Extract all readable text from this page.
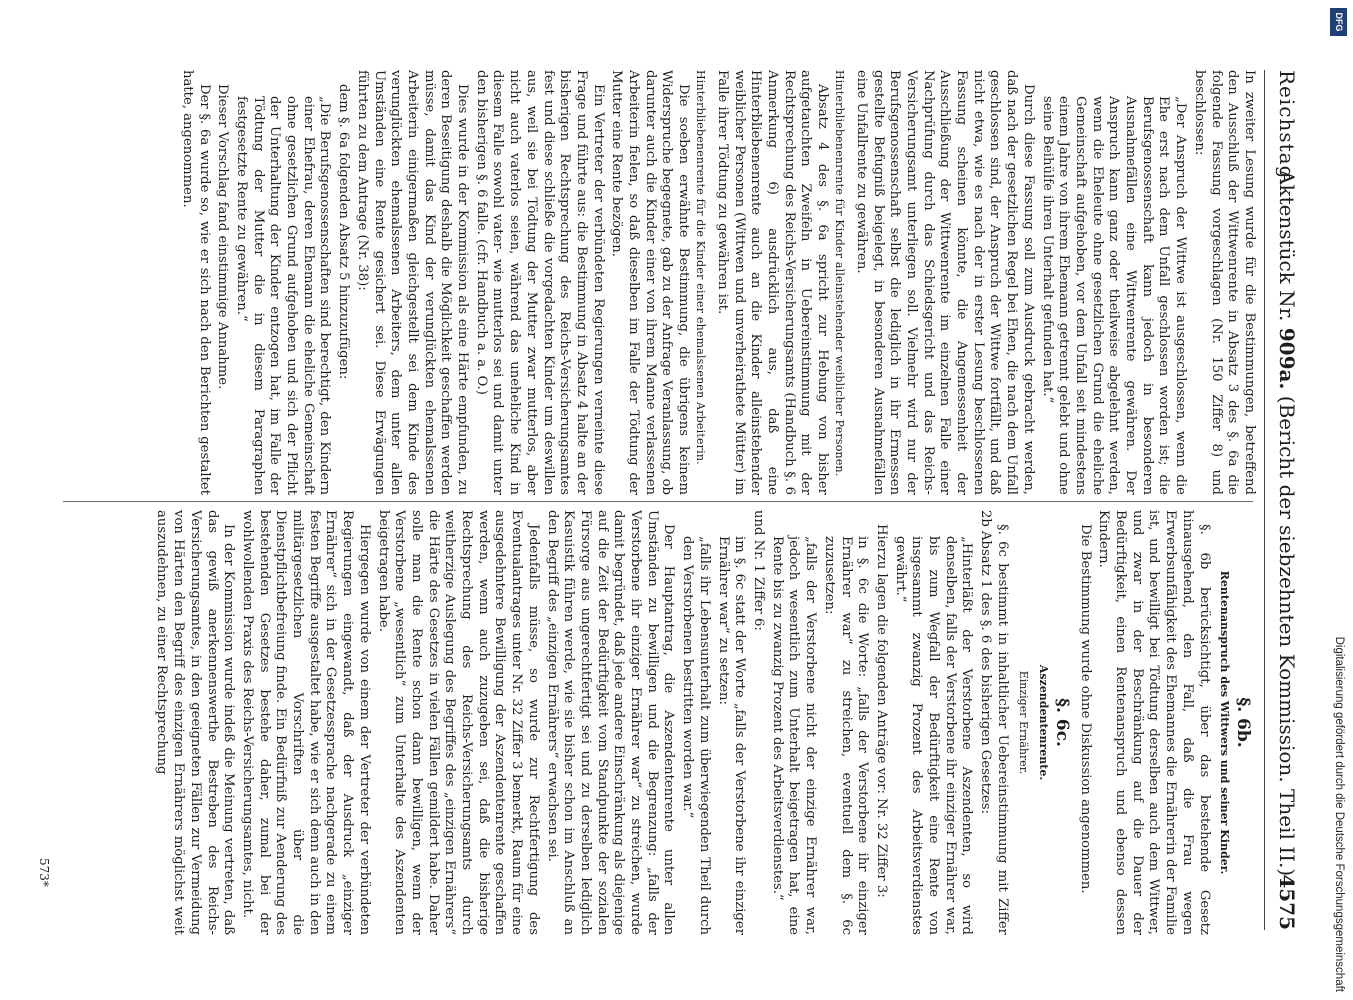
Reichstag.
Aktenstück Nr. 909a. (Bericht der siebzehnten Kommission. Theil II.)
4575

In zweiter Lesung wurde für die Bestimmungen, betreffend den Ausschluß der Wittwenrente in Absatz 3 des §. 6a die folgende Fassung vorgeschlagen (Nr. 150 Ziffer 8) und beschlossen:

„Der Anspruch der Wittwe ist ausgeschlossen, wenn die Ehe erst nach dem Unfall geschlossen worden ist; die Berufsgenossenschaft kann jedoch in besonderen Ausnahmefällen eine Wittwenrente gewähren. Der Anspruch kann ganz oder theilweise abgelehnt werden, wenn die Eheleute ohne gesetzlichen Grund die eheliche Gemeinschaft aufgehoben, vor dem Unfall seit mindestens einem Jahre von ihrem Ehemann getrennt gelebt und ohne seine Beihülfe ihren Unterhalt gefunden hat.“

Durch diese Fassung soll zum Ausdruck gebracht werden, daß nach der gesetzlichen Regel bei Ehen, die nach dem Unfall geschlossen sind, der Anspruch der Wittwe fortfällt, und daß nicht etwa, wie es nach der in erster Lesung beschlossenen Fassung scheinen könnte, die Angemessenheit der Ausschließung der Wittwenrente im einzelnen Falle einer Nachprüfung durch das Schiedsgericht und das Reichs-Versicherungsamt unterliegen soll. Vielmehr wird nur der Berufsgenossenschaft selbst die lediglich in ihr Ermessen gestellte Befugniß beigelegt, in besonderen Ausnahmefällen eine Unfallrente zu gewähren.

Hinterbliebenenrente für Kinder alleinstehender weiblicher Personen.

Absatz 4 des §. 6a spricht zur Hebung von bisher aufgetauchten Zweifeln in Uebereinstimmung mit der Rechtsprechung des Reichs-Versicherungsamts (Handbuch §. 6 Anmerkung 6) ausdrücklich aus, daß eine Hinterbliebenenrente auch an die Kinder alleinstehender weiblicher Personen (Wittwen und unverheirathete Mütter) im Falle ihrer Tödtung zu gewähren ist.

Hinterbliebenenrente für die Kinder einer ehemalssenen Arbeiterin.

Die soeben erwähnte Bestimmung, die übrigens keinem Widerspruche begegnete, gab zu der Anfrage Veranlassung, ob darunter auch die Kinder einer von ihrem Manne verlassenen Arbeiterin fielen, so daß dieselben im Falle der Tödtung der Mutter eine Rente bezögen.

Ein Vertreter der verbündeten Regierungen verneinte diese Frage und führte aus: die Bestimmung in Absatz 4 halte an der bisherigen Rechtsprechung des Reichs-Versicherungsamtes fest und diese schließe die vorgedachten Kinder um deswillen aus, weil sie bei Tödtung der Mutter zwar mutterlos, aber nicht auch vaterlos seien, während das uneheliche Kind in diesem Falle sowohl vater- wie mutterlos sei und damit unter den bisherigen §. 6 falle. (cfr. Handbuch a. a. O.)

Dies wurde in der Kommission als eine Härte empfunden, zu deren Beseitigung deshalb die Möglichkeit geschaffen werden müsse, damit das Kind der verunglückten ehemalssenen Arbeiterin einigermaßen gleichgestellt sei dem Kinde des verunglückten ehemalssenen Arbeiters, dem unter allen Umständen eine Rente gesichert sei. Diese Erwägungen führten zu dem Antrage (Nr. 38):

dem §. 6a folgenden Absatz 5 hinzuzufügen:

„Die Berufsgenossenschaften sind berechtigt, den Kindern einer Ehefrau, deren Ehemann die eheliche Gemeinschaft ohne gesetzlichen Grund aufgehoben und sich der Pflicht der Unterhaltung der Kinder entzogen hat, im Falle der Tödtung der Mutter die in diesem Paragraphen festgesetzte Rente zu gewähren.“

Dieser Vorschlag fand einstimmige Annahme.

Der §. 6a wurde so, wie er sich nach den Berichten gestaltet hatte, angenommen.

§. 6b.
Rentenanspruch des Wittwers und seiner Kinder.

§. 6b berücksichtigt, über das bestehende Gesetz hinausgehend, den Fall, daß die Frau wegen Erwerbsunfähigkeit des Ehemannes die Ernährerin der Familie ist, und bewilligt bei Tödtung derselben auch dem Wittwer, und zwar in der Beschränkung auf die Dauer der Bedürftigkeit, einen Rentenanspruch und ebenso dessen Kindern.

Die Bestimmung wurde ohne Diskussion angenommen.

§. 6c.
Aszendentenrente.
Einziger Ernährer.

§. 6c bestimmt in inhaltlicher Uebereinstimmung mit Ziffer 2b Absatz 1 des §. 6 des bisherigen Gesetzes:

„Hinterläßt der Verstorbene Aszendenten, so wird denselben, falls der Verstorbene ihr einziger Ernährer war, bis zum Wegfall der Bedürftigkeit eine Rente von insgesammt zwanzig Prozent des Arbeitsverdienstes gewährt.“

Hierzu lagen die folgenden Anträge vor: Nr. 32 Ziffer 3:

in §. 6c die Worte: „falls der Verstorbene ihr einziger Ernährer war“ zu streichen, eventuell dem §. 6c zuzusetzen:

„falls der Verstorbene nicht der einzige Ernährer war, jedoch wesentlich zum Unterhalt beigetragen hat, eine Rente bis zu zwanzig Prozent des Arbeitsverdienstes.“

und Nr. 1 Ziffer 6:

im §. 6c statt der Worte „falls der Verstorbene ihr einziger Ernährer war“ zu setzen:

„falls ihr Lebensunterhalt zum überwiegenden Theil durch den Verstorbenen bestritten worden war.“

Der Hauptantrag, die Aszendentenrente unter allen Umständen zu bewilligen und die Begrenzung: „falls der Verstorbene ihr einziger Ernährer war“ zu streichen, wurde damit begründet, daß jede andere Einschränkung als diejenige auf die Zeit der Bedürftigkeit vom Standpunkte der sozialen Fürsorge aus ungerechtfertigt sei und zu derselben lediglich Kasuistik führen werde, wie sie bisher schon im Anschluß an den Begriff des „einzigen Ernährers“ erwachsen sei.

Jedenfalls müsse, so wurde zur Rechtfertigung des Eventualantrages unter Nr. 32 Ziffer 3 bemerkt, Raum für eine ausgedehntere Bewilligung der Aszendentenrente geschaffen werden, wenn auch zuzugeben sei, daß die bisherige Rechtsprechung des Reichs-Versicherungsamts durch weitherzige Auslegung des Begriffes des „einzigen Ernährers“ die Härte des Gesetzes in vielen Fällen gemildert habe. Daher solle man die Rente schon dann bewilligen, wenn der Verstorbene „wesentlich“ zum Unterhalte des Aszendenten beigetragen habe.

Hiergegen wurde von einem der Vertreter der verbündeten Regierungen eingewandt, daß der Ausdruck „einziger Ernährer“ sich in der Gesetzessprache nachgerade zu einem festen Begriffe ausgestaltet habe, wie er sich denn auch in den militärgesetzlichen Vorschriften über die Dienstpflichtbefreiung finde. Ein Bedürfniß zur Aenderung des bestehenden Gesetzes bestehe daher, zumal bei der wohlwollenden Praxis des Reichs-Versicherungsamtes, nicht.

In der Kommission wurde indeß die Meinung vertreten, daß das gewiß anerkennenswerthe Bestreben des Reichs-Versicherungsamtes, in den geeigneten Fällen zur Vermeidung von Härten den Begriff des einzigen Ernährers möglichst weit auszudehnen, zu einer Rechtsprechung

573*
DFG
Digitalisierung gefördert durch die Deutsche Forschungsgemeinschaft
